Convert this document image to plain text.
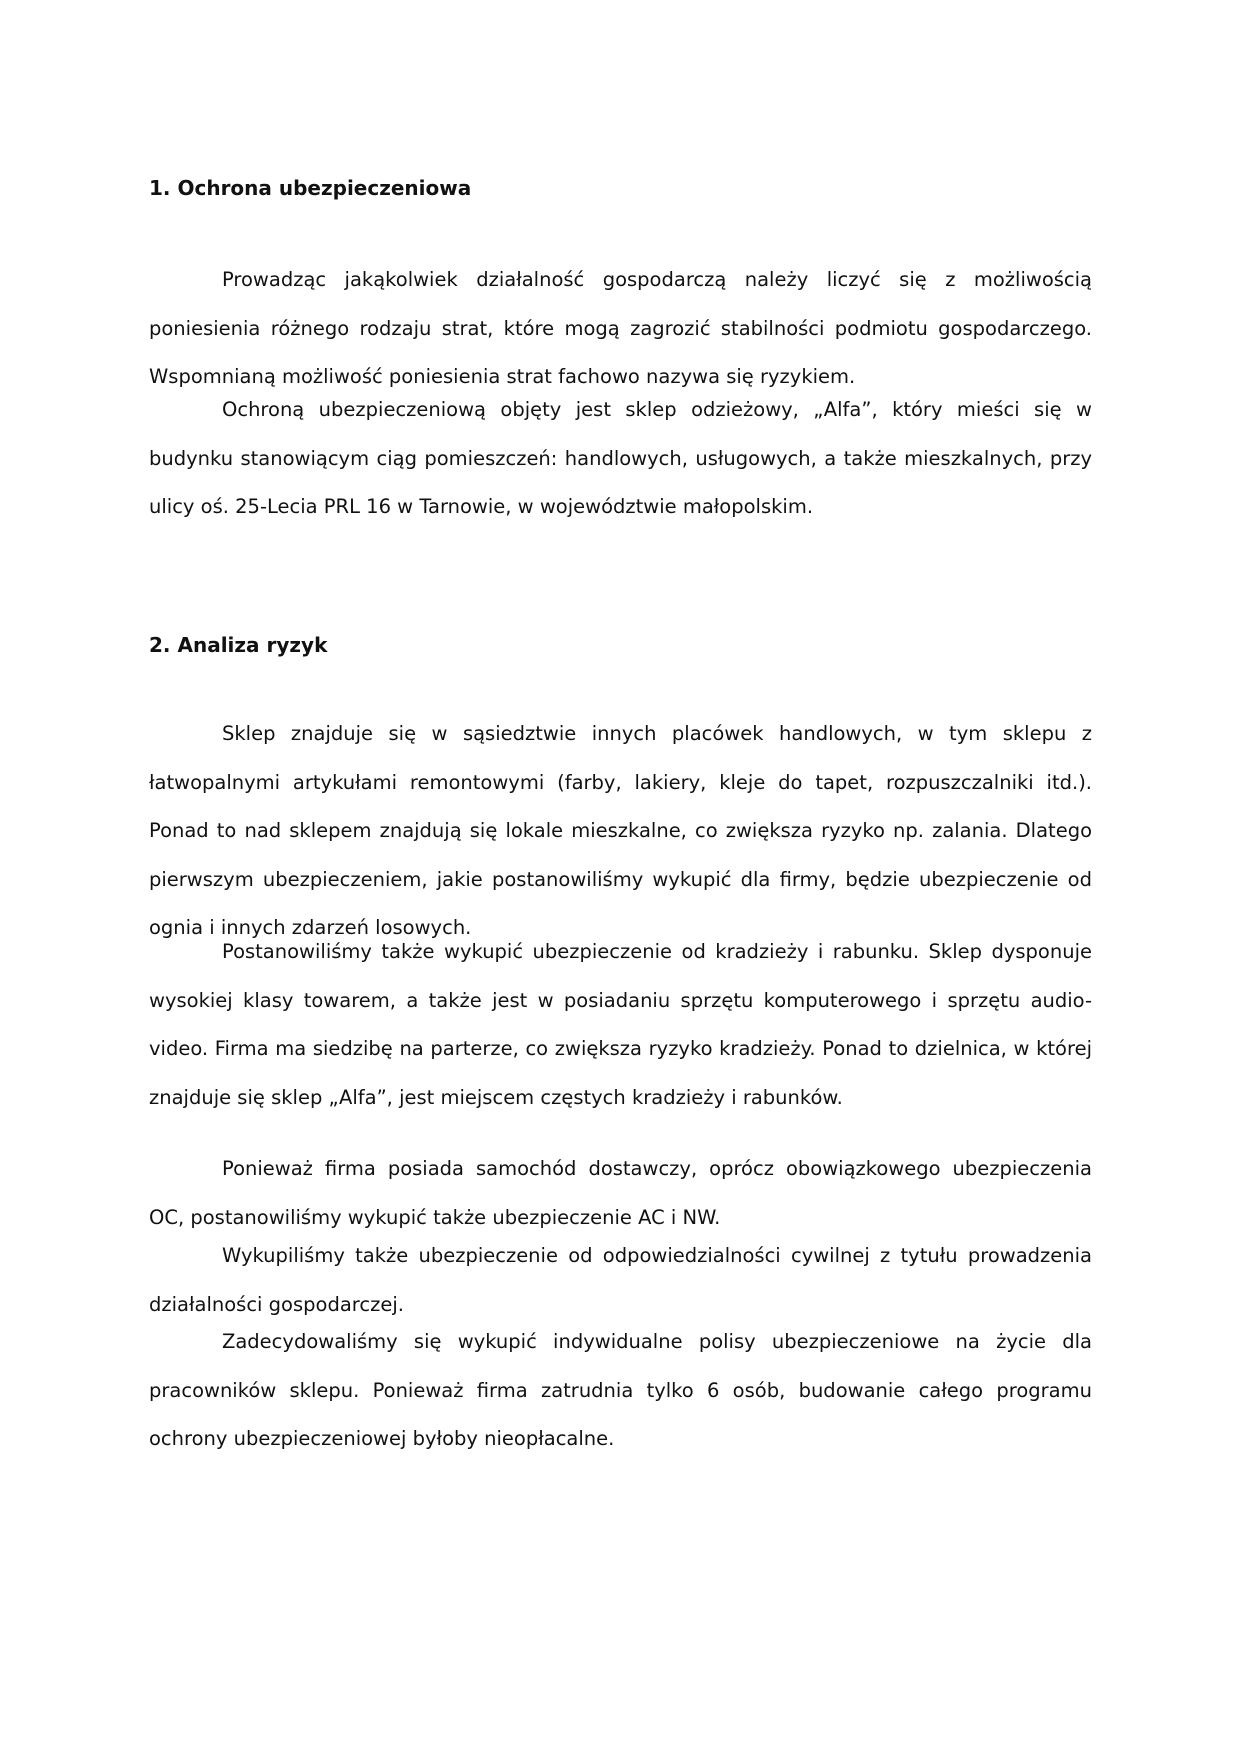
1. Ochrona ubezpieczeniowa

Prowadząc jakąkolwiek działalność gospodarczą należy liczyć się z możliwością poniesienia różnego rodzaju strat, które mogą zagrozić stabilności podmiotu gospodarczego. Wspomnianą możliwość poniesienia strat fachowo nazywa się ryzykiem.

Ochroną ubezpieczeniową objęty jest sklep odzieżowy, „Alfa”, który mieści się w budynku stanowiącym ciąg pomieszczeń: handlowych, usługowych, a także mieszkalnych, przy ulicy oś. 25-Lecia PRL 16 w Tarnowie, w województwie małopolskim.

2. Analiza ryzyk

Sklep znajduje się w sąsiedztwie innych placówek handlowych, w tym sklepu z łatwopalnymi artykułami remontowymi (farby, lakiery, kleje do tapet, rozpuszczalniki itd.). Ponad to nad sklepem znajdują się lokale mieszkalne, co zwiększa ryzyko np. zalania. Dlatego pierwszym ubezpieczeniem, jakie postanowiliśmy wykupić dla firmy, będzie ubezpieczenie od ognia i innych zdarzeń losowych.

Postanowiliśmy także wykupić ubezpieczenie od kradzieży i rabunku. Sklep dysponuje wysokiej klasy towarem, a także jest w posiadaniu sprzętu komputerowego i sprzętu audio-video. Firma ma siedzibę na parterze, co zwiększa ryzyko kradzieży. Ponad to dzielnica, w której znajduje się sklep „Alfa”, jest miejscem częstych kradzieży i rabunków.

Ponieważ firma posiada samochód dostawczy, oprócz obowiązkowego ubezpieczenia OC, postanowiliśmy wykupić także ubezpieczenie AC i NW.

Wykupiliśmy także ubezpieczenie od odpowiedzialności cywilnej z tytułu prowadzenia działalności gospodarczej.

Zadecydowaliśmy się wykupić indywidualne polisy ubezpieczeniowe na życie dla pracowników sklepu. Ponieważ firma zatrudnia tylko 6 osób, budowanie całego programu ochrony ubezpieczeniowej byłoby nieopłacalne.
